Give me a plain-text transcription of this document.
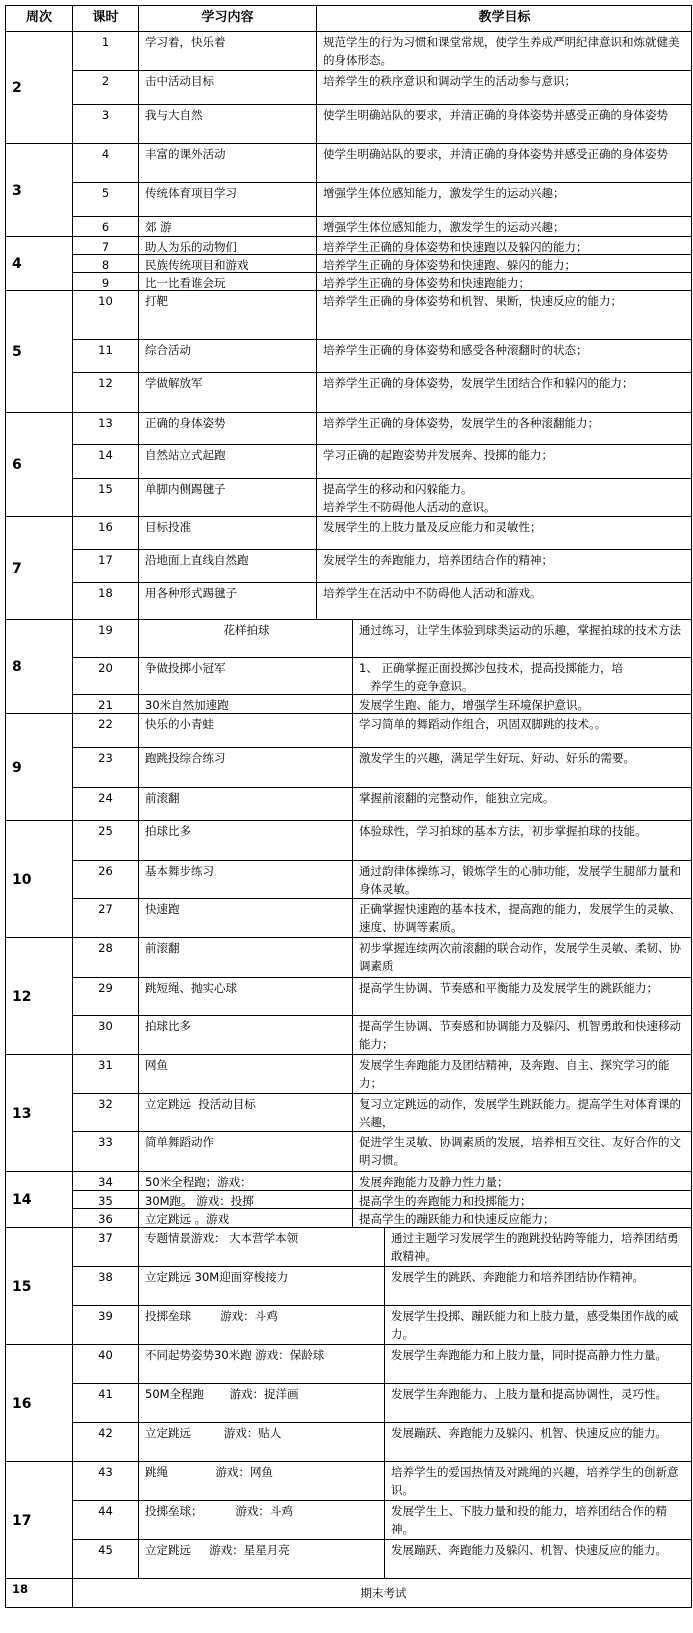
周次	课时	学习内容	教学目标
2
1	学习着，快乐着	规范学生的行为习惯和课堂常规，使学生养成严明纪律意识和炼就健美的身体形态。
2	击中活动目标	培养学生的秩序意识和调动学生的活动参与意识；
3	我与大自然	使学生明确站队的要求，并清正确的身体姿势并感受正确的身体姿势
3
4	丰富的课外活动	使学生明确站队的要求，并清正确的身体姿势并感受正确的身体姿势
5	传统体育项目学习	增强学生体位感知能力，激发学生的运动兴趣；
6	郊 游	增强学生体位感知能力，激发学生的运动兴趣；
4
7	助人为乐的动物们	培养学生正确的身体姿势和快速跑以及躲闪的能力；
8	民族传统项目和游戏	培养学生正确的身体姿势和快速跑、躲闪的能力；
9	比一比看谁会玩	培养学生正确的身体姿势和快速跑能力；
5
10	打靶	培养学生正确的身体姿势和机智、果断，快速反应的能力；
11	综合活动	培养学生正确的身体姿势和感受各种滚翻时的状态；
12	学做解放军	培养学生正确的身体姿势，发展学生团结合作和躲闪的能力；
6
13	正确的身体姿势	培养学生正确的身体姿势，发展学生的各种滚翻能力；
14	自然站立式起跑	学习正确的起跑姿势并发展奔、投掷的能力；
15	单脚内侧踢毽子	提高学生的移动和闪躲能力。
培养学生不防碍他人活动的意识。
7
16	目标投准	发展学生的上肢力量及反应能力和灵敏性；
17	沿地面上直线自然跑	发展学生的奔跑能力，培养团结合作的精神；
18	用各种形式踢毽子	培养学生在活动中不防碍他人活动和游戏。
8
19	花样拍球	通过练习，让学生体验到球类运动的乐趣，掌握拍球的技术方法
20	争做投掷小冠军	1、 正确掌握正面投掷沙包技术，提高投掷能力，培
养学生的竞争意识。
21	30米自然加速跑	发展学生跑、能力，增强学生环境保护意识。
9
22	快乐的小青蛙	学习简单的舞蹈动作组合，巩固双脚跳的技术。。
23	跑跳投综合练习	激发学生的兴趣，满足学生好玩、好动、好乐的需要。
24	前滚翻	掌握前滚翻的完整动作，能独立完成。
10
25	拍球比多	体验球性，学习拍球的基本方法，初步掌握拍球的技能。
26	基本舞步练习	通过韵律体操练习，锻炼学生的心肺功能，发展学生腿部力量和身体灵敏。
27	快速跑	正确掌握快速跑的基本技术，提高跑的能力，发展学生的灵敏、速度、协调等素质。
12
28	前滚翻	初步掌握连续两次前滚翻的联合动作，发展学生灵敏、柔韧、协调素质
29	跳短绳、抛实心球	提高学生协调、节奏感和平衡能力及发展学生的跳跃能力；
30	拍球比多	提高学生协调、节奏感和协调能力及躲闪、机智勇敢和快速移动能力；
13
31	网鱼	发展学生奔跑能力及团结精神，及奔跑、自主、探究学习的能力；
32	立定跳远  投活动目标	复习立定跳远的动作，发展学生跳跃能力。提高学生对体育课的兴趣，
33	简单舞蹈动作	促进学生灵敏、协调素质的发展，培养相互交往、友好合作的文明习惯。
14
34	50米全程跑；游戏：	发展奔跑能力及静力性力量；
35	30M跑。 游戏：投掷	提高学生的奔跑能力和投掷能力；
36	立定跳远 。游戏	提高学生的蹦跃能力和快速反应能力；
15
37	专题情景游戏： 大本营学本领	通过主题学习发展学生的跑跳投钻跨等能力，培养团结勇敢精神。
38	立定跳远 30M迎面穿梭接力	发展学生的跳跃、奔跑能力和培养团结协作精神。
39	投掷垒球        游戏：斗鸡	发展学生投掷、蹦跃能力和上肢力量，感受集团作战的威力。
16
40	不同起势姿势30米跑 游戏：保龄球	发展学生奔跑能力和上肢力量，同时提高静力性力量。
41	50M全程跑       游戏：捉洋画	发展学生奔跑能力、上肢力量和提高协调性，灵巧性。
42	立定跳远         游戏：贴人	发展蹦跃、奔跑能力及躲闪、机智、快速反应的能力。
17
43	跳绳             游戏：网鱼	培养学生的爱国热情及对跳绳的兴趣，培养学生的创新意识。
44	投掷垒球；         游戏：斗鸡	发展学生上、下肢力量和投的能力，培养团结合作的精神。
45	立定跳远     游戏：星星月亮	发展蹦跃、奔跑能力及躲闪、机智、快速反应的能力。
18	期末考试
